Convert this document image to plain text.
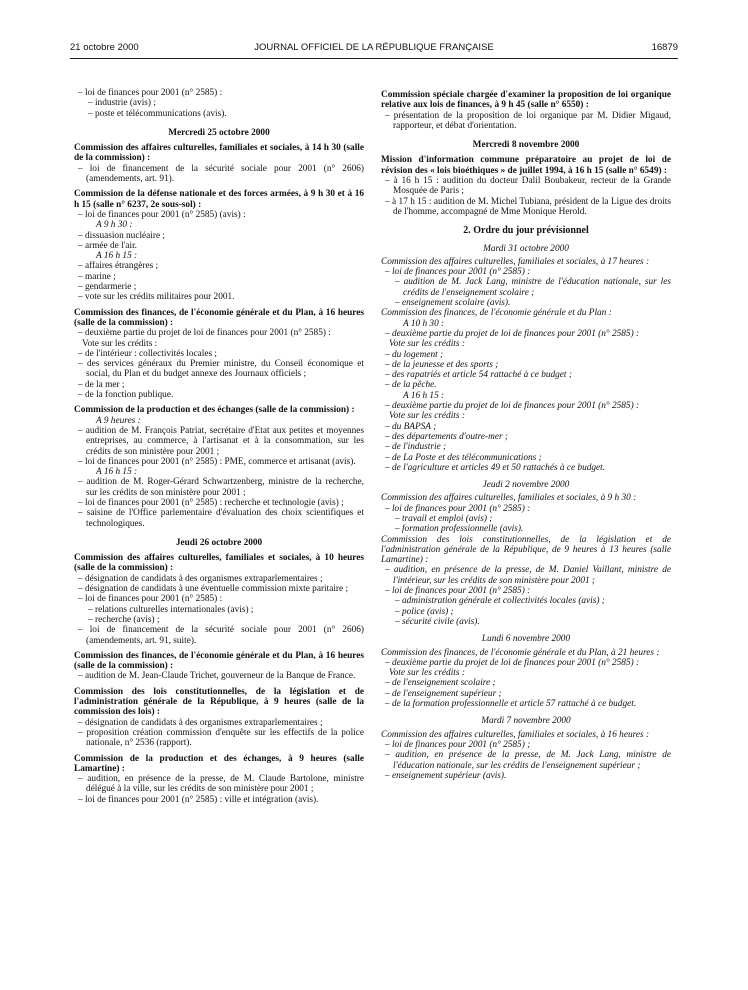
21 octobre 2000	JOURNAL OFFICIEL DE LA RÉPUBLIQUE FRANÇAISE	16879

– loi de finances pour 2001 (n° 2585) :

– industrie (avis) ;

– poste et télécommunications (avis).

Mercredi 25 octobre 2000

Commission des affaires culturelles, familiales et sociales, à 14 h 30 (salle de la commission) :

– loi de financement de la sécurité sociale pour 2001 (n° 2606) (amendements, art. 91).

Commission de la défense nationale et des forces armées, à 9 h 30 et à 16 h 15 (salle n° 6237, 2e sous-sol) :

– loi de finances pour 2001 (n° 2585) (avis) :

A 9 h 30 :

– dissuasion nucléaire ;

– armée de l'air.

A 16 h 15 :

– affaires étrangères ;

– marine ;

– gendarmerie ;

– vote sur les crédits militaires pour 2001.

Commission des finances, de l'économie générale et du Plan, à 16 heures (salle de la commission) :

– deuxième partie du projet de loi de finances pour 2001 (n° 2585) :

Vote sur les crédits :

– de l'intérieur : collectivités locales ;

– des services généraux du Premier ministre, du Conseil économique et social, du Plan et du budget annexe des Journaux officiels ;

– de la mer ;

– de la fonction publique.

Commission de la production et des échanges (salle de la commission) :

A 9 heures :

– audition de M. François Patriat, secrétaire d'Etat aux petites et moyennes entreprises, au commerce, à l'artisanat et à la consommation, sur les crédits de son ministère pour 2001 ;

– loi de finances pour 2001 (n° 2585) : PME, commerce et artisanat (avis).

A 16 h 15 :

– audition de M. Roger-Gérard Schwartzenberg, ministre de la recherche, sur les crédits de son ministère pour 2001 ;

– loi de finances pour 2001 (n° 2585) : recherche et technologie (avis) ;

– saisine de l'Office parlementaire d'évaluation des choix scientifiques et technologiques.

Jeudi 26 octobre 2000

Commission des affaires culturelles, familiales et sociales, à 10 heures (salle de la commission) :

– désignation de candidats à des organismes extraparlementaires ;

– désignation de candidats à une éventuelle commission mixte paritaire ;

– loi de finances pour 2001 (n° 2585) :

– relations culturelles internationales (avis) ;

– recherche (avis) ;

– loi de financement de la sécurité sociale pour 2001 (n° 2606) (amendements, art. 91, suite).

Commission des finances, de l'économie générale et du Plan, à 16 heures (salle de la commission) :

– audition de M. Jean-Claude Trichet, gouverneur de la Banque de France.

Commission des lois constitutionnelles, de la législation et de l'administration générale de la République, à 9 heures (salle de la commission des lois) :

– désignation de candidats à des organismes extraparlementaires ;

– proposition création commission d'enquête sur les effectifs de la police nationale, n° 2536 (rapport).

Commission de la production et des échanges, à 9 heures (salle Lamartine) :

– audition, en présence de la presse, de M. Claude Bartolone, ministre délégué à la ville, sur les crédits de son ministère pour 2001 ;

– loi de finances pour 2001 (n° 2585) : ville et intégration (avis).

Commission spéciale chargée d'examiner la proposition de loi organique relative aux lois de finances, à 9 h 45 (salle n° 6550) :

– présentation de la proposition de loi organique par M. Didier Migaud, rapporteur, et débat d'orientation.

Mercredi 8 novembre 2000

Mission d'information commune préparatoire au projet de loi de révision des « lois bioéthiques » de juillet 1994, à 16 h 15 (salle n° 6549) :

– à 16 h 15 : audition du docteur Dalil Boubakeur, recteur de la Grande Mosquée de Paris ;

– à 17 h 15 : audition de M. Michel Tubiana, président de la Ligue des droits de l'homme, accompagné de Mme Monique Herold.

2. Ordre du jour prévisionnel

Mardi 31 octobre 2000

Commission des affaires culturelles, familiales et sociales, à 17 heures :

– loi de finances pour 2001 (n° 2585) :

– audition de M. Jack Lang, ministre de l'éducation nationale, sur les crédits de l'enseignement scolaire ;

– enseignement scolaire (avis).

Commission des finances, de l'économie générale et du Plan :

A 10 h 30 :

– deuxième partie du projet de loi de finances pour 2001 (n° 2585) :

Vote sur les crédits :

– du logement ;

– de la jeunesse et des sports ;

– des rapatriés et article 54 rattaché à ce budget ;

– de la pêche.

A 16 h 15 :

– deuxième partie du projet de loi de finances pour 2001 (n° 2585) :

Vote sur les crédits :

– du BAPSA ;

– des départements d'outre-mer ;

– de l'industrie ;

– de La Poste et des télécommunications ;

– de l'agriculture et articles 49 et 50 rattachés à ce budget.

Jeudi 2 novembre 2000

Commission des affaires culturelles, familiales et sociales, à 9 h 30 :

– loi de finances pour 2001 (n° 2585) :

– travail et emploi (avis) ;

– formation professionnelle (avis).

Commission des lois constitutionnelles, de la législation et de l'administration générale de la République, de 9 heures à 13 heures (salle Lamartine) :

– audition, en présence de la presse, de M. Daniel Vaillant, ministre de l'intérieur, sur les crédits de son ministère pour 2001 ;

– loi de finances pour 2001 (n° 2585) :

– administration générale et collectivités locales (avis) ;

– police (avis) ;

– sécurité civile (avis).

Lundi 6 novembre 2000

Commission des finances, de l'économie générale et du Plan, à 21 heures :

– deuxième partie du projet de loi de finances pour 2001 (n° 2585) :

Vote sur les crédits :

– de l'enseignement scolaire ;

– de l'enseignement supérieur ;

– de la formation professionnelle et article 57 rattaché à ce budget.

Mardi 7 novembre 2000

Commission des affaires culturelles, familiales et sociales, à 16 heures :

– loi de finances pour 2001 (n° 2585) ;

– audition, en présence de la presse, de M. Jack Lang, ministre de l'éducation nationale, sur les crédits de l'enseignement supérieur ;

– enseignement supérieur (avis).
